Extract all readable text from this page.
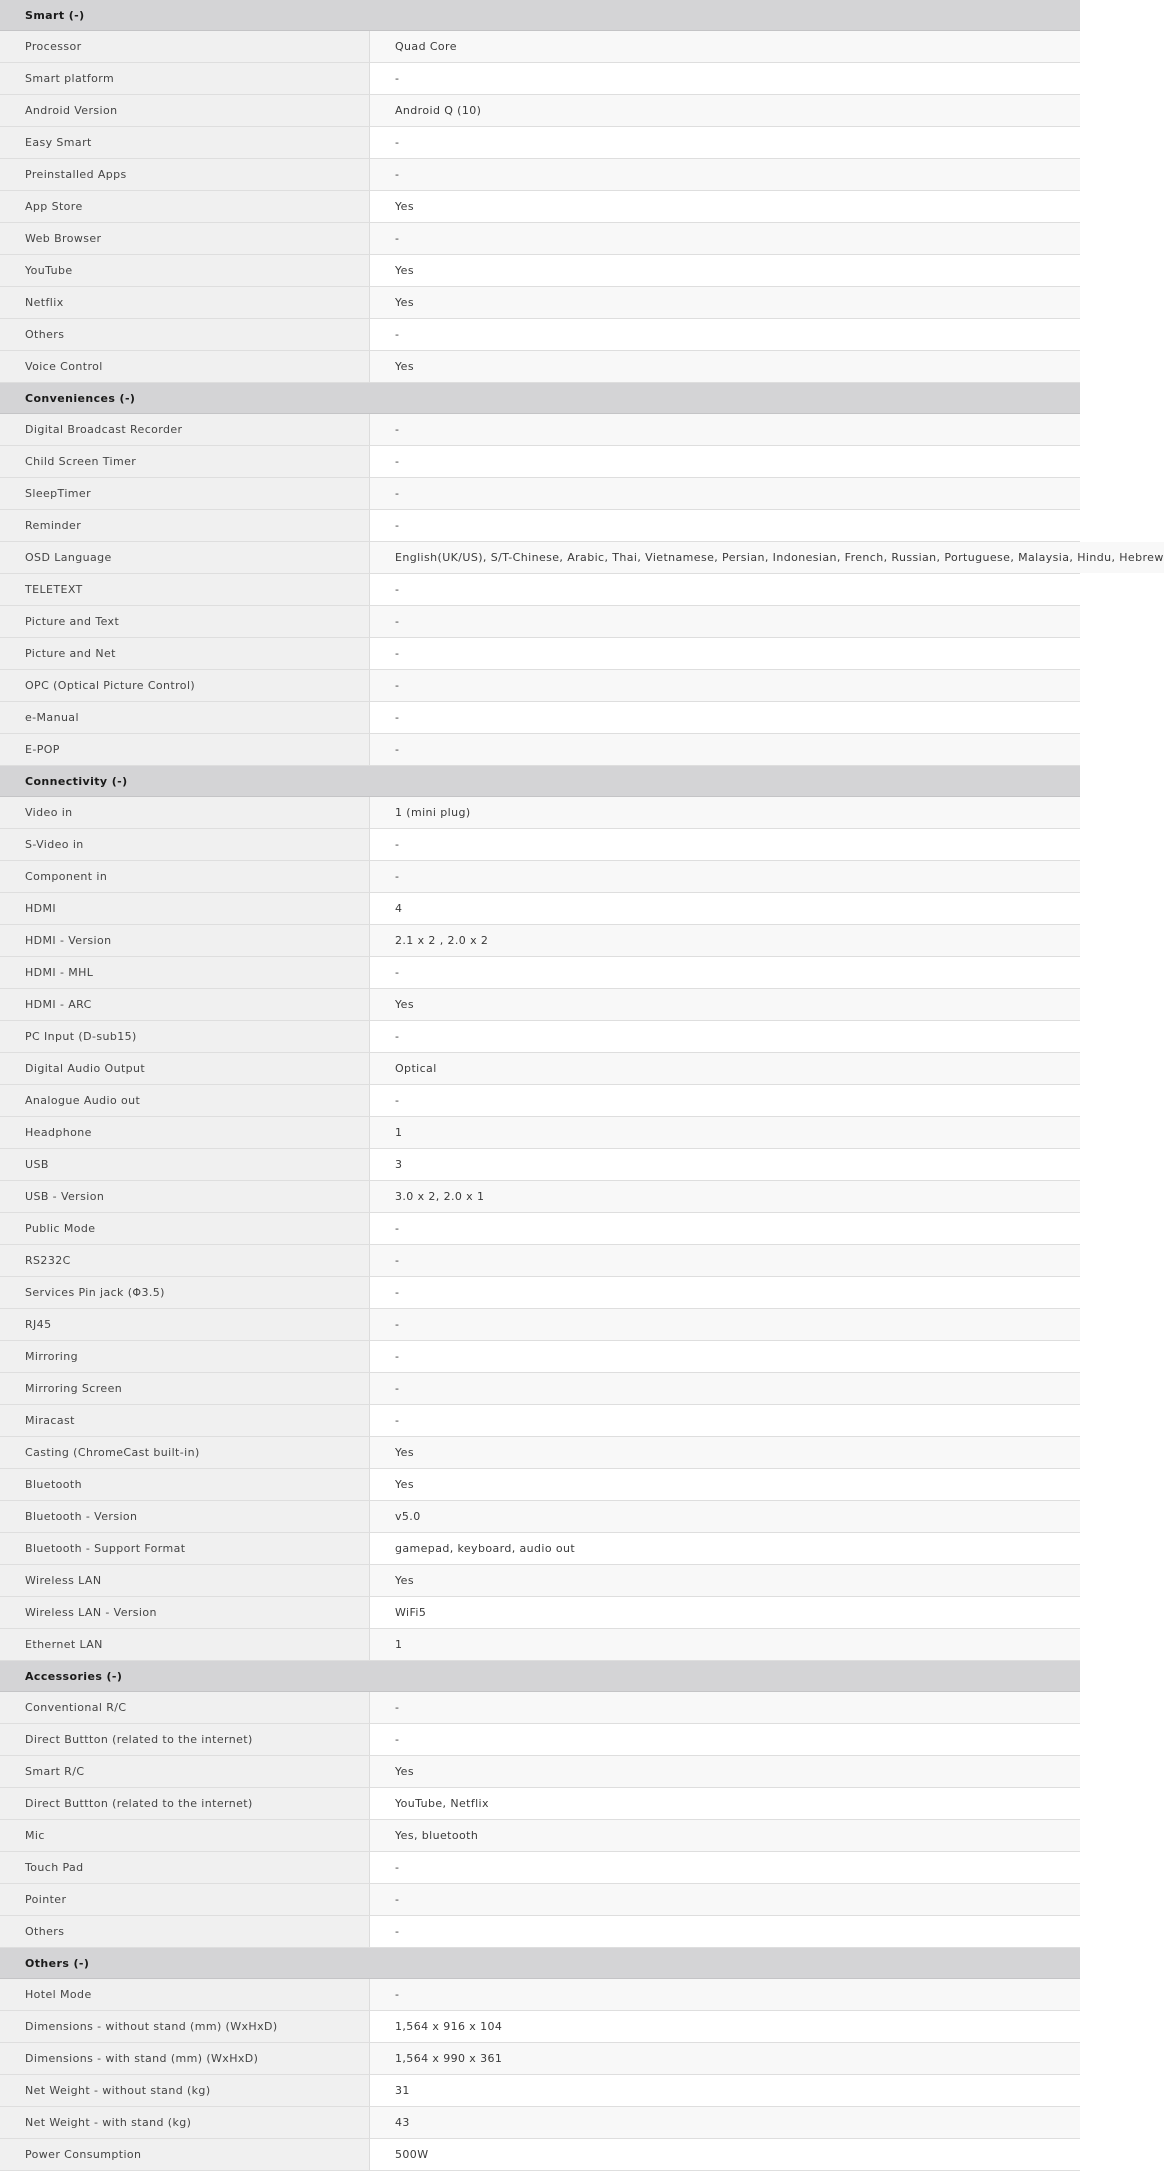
Smart (-)
Processor	Quad Core
Smart platform	-
Android Version	Android Q (10)
Easy Smart	-
Preinstalled Apps	-
App Store	Yes
Web Browser	-
YouTube	Yes
Netflix	Yes
Others	-
Voice Control	Yes
Conveniences (-)
Digital Broadcast Recorder	-
Child Screen Timer	-
SleepTimer	-
Reminder	-
OSD Language	English(UK/US), S/T-Chinese, Arabic, Thai, Vietnamese, Persian, Indonesian, French, Russian, Portuguese, Malaysia, Hindu, Hebrew
TELETEXT	-
Picture and Text	-
Picture and Net	-
OPC (Optical Picture Control)	-
e-Manual	-
E-POP	-
Connectivity (-)
Video in	1 (mini plug)
S-Video in	-
Component in	-
HDMI	4
HDMI - Version	2.1 x 2 , 2.0 x 2
HDMI - MHL	-
HDMI - ARC	Yes
PC Input (D-sub15)	-
Digital Audio Output	Optical
Analogue Audio out	-
Headphone	1
USB	3
USB - Version	3.0 x 2, 2.0 x 1
Public Mode	-
RS232C	-
Services Pin jack (Φ3.5)	-
RJ45	-
Mirroring	-
Mirroring Screen	-
Miracast	-
Casting (ChromeCast built-in)	Yes
Bluetooth	Yes
Bluetooth - Version	v5.0
Bluetooth - Support Format	gamepad, keyboard, audio out
Wireless LAN	Yes
Wireless LAN - Version	WiFi5
Ethernet LAN	1
Accessories (-)
Conventional R/C	-
Direct Buttton (related to the internet)	-
Smart R/C	Yes
Direct Buttton (related to the internet)	YouTube, Netflix
Mic	Yes, bluetooth
Touch Pad	-
Pointer	-
Others	-
Others (-)
Hotel Mode	-
Dimensions - without stand (mm) (WxHxD)	1,564 x 916 x 104
Dimensions - with stand (mm) (WxHxD)	1,564 x 990 x 361
Net Weight - without stand (kg)	31
Net Weight - with stand (kg)	43
Power Consumption	500W
